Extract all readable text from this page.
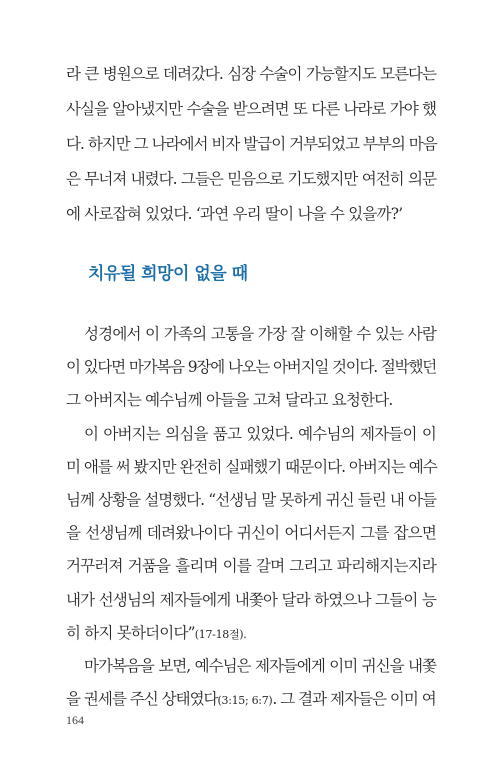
라 큰 병원으로 데려갔다. 심장 수술이 가능할지도 모른다는
사실을 알아냈지만 수술을 받으려면 또 다른 나라로 가야 했
다. 하지만 그 나라에서 비자 발급이 거부되었고 부부의 마음
은 무너져 내렸다. 그들은 믿음으로 기도했지만 여전히 의문
에 사로잡혀 있었다. ‘과연 우리 딸이 나을 수 있을까?’
치유될 희망이 없을 때
성경에서 이 가족의 고통을 가장 잘 이해할 수 있는 사람
이 있다면 마가복음 9장에 나오는 아버지일 것이다. 절박했던
그 아버지는 예수님께 아들을 고쳐 달라고 요청한다.
이 아버지는 의심을 품고 있었다. 예수님의 제자들이 이
미 애를 써 봤지만 완전히 실패했기 때문이다. 아버지는 예수
님께 상황을 설명했다. “선생님 말 못하게 귀신 들린 내 아들
을 선생님께 데려왔나이다 귀신이 어디서든지 그를 잡으면
거꾸러져 거품을 흘리며 이를 갈며 그리고 파리해지는지라
내가 선생님의 제자들에게 내쫓아 달라 하였으나 그들이 능
히 하지 못하더이다”(17-18절).
마가복음을 보면, 예수님은 제자들에게 이미 귀신을 내쫓
을 권세를 주신 상태였다(3:15; 6:7). 그 결과 제자들은 이미 여
164
